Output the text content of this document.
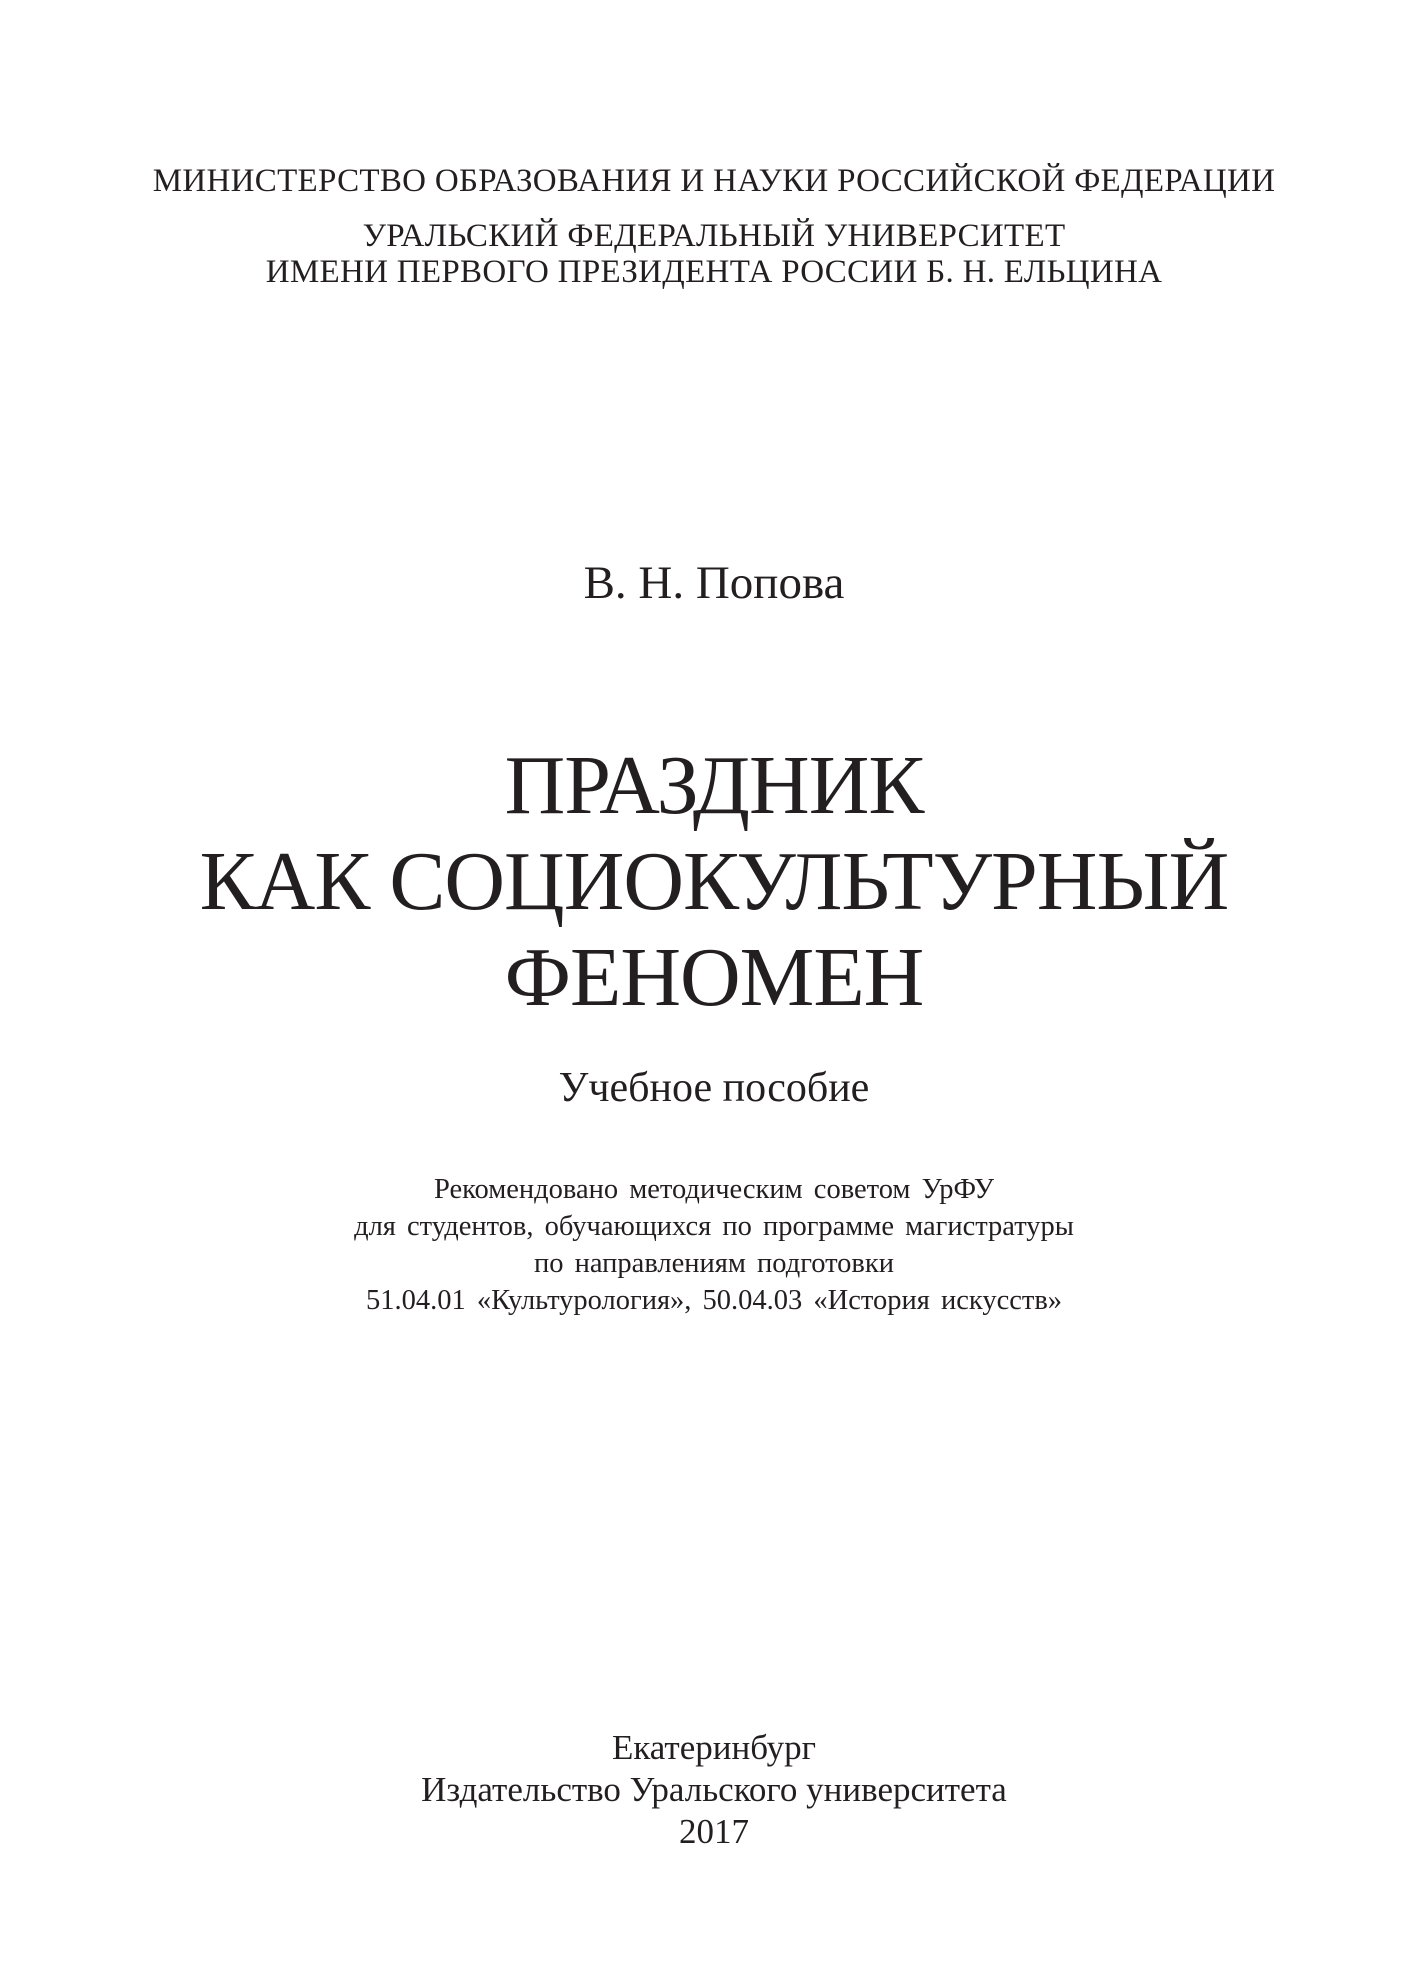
МИНИСТЕРСТВО ОБРАЗОВАНИЯ И НАУКИ РОССИЙСКОЙ ФЕДЕРАЦИИ
УРАЛЬСКИЙ ФЕДЕРАЛЬНЫЙ УНИВЕРСИТЕТ
ИМЕНИ ПЕРВОГО ПРЕЗИДЕНТА РОССИИ Б. Н. ЕЛЬЦИНА
В. Н. Попова
ПРАЗДНИК
КАК СОЦИОКУЛЬТУРНЫЙ
ФЕНОМЕН
Учебное пособие
Рекомендовано методическим советом УрФУ
для студентов, обучающихся по программе магистратуры
по направлениям подготовки
51.04.01 «Культурология», 50.04.03 «История искусств»
Екатеринбург
Издательство Уральского университета
2017
